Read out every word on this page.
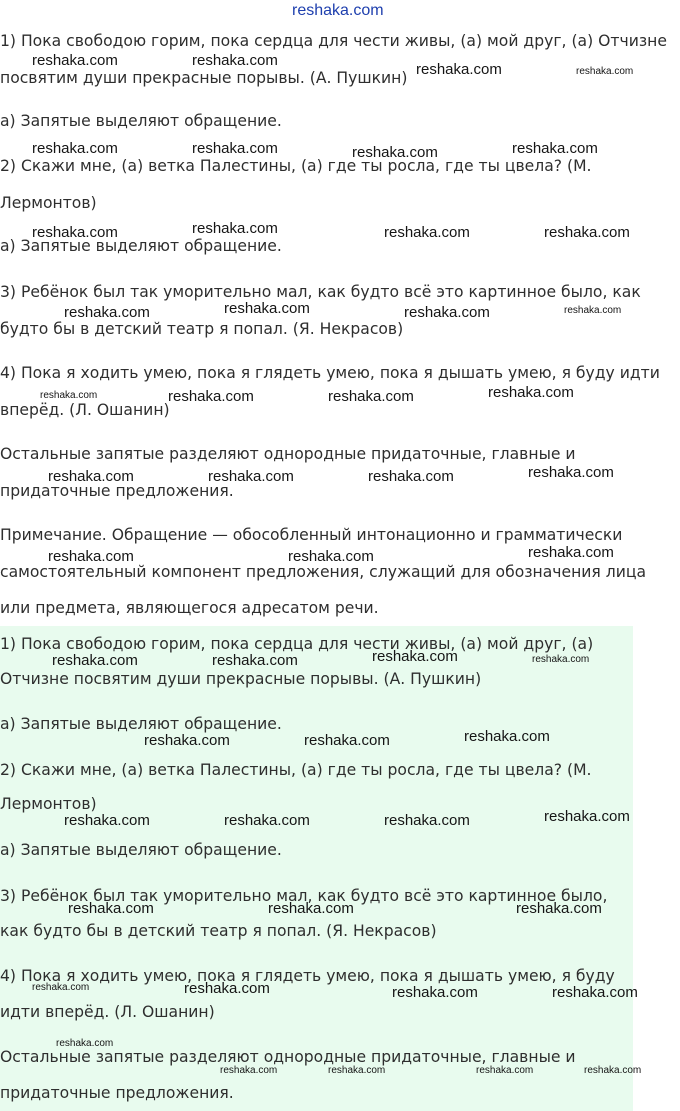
reshaka.com

1) Пока свободою горим, пока сердца для чести живы, (а) мой друг, (а) Отчизне

посвятим души прекрасные порывы. (А. Пушкин)

а) Запятые выделяют обращение.

2) Скажи мне, (а) ветка Палестины, (а) где ты росла, где ты цвела? (М.

Лермонтов)

а) Запятые выделяют обращение.

3) Ребёнок был так уморительно мал, как будто всё это картинное было, как

будто бы в детский театр я попал. (Я. Некрасов)

4) Пока я ходить умею, пока я глядеть умею, пока я дышать умею, я буду идти

вперёд. (Л. Ошанин)

Остальные запятые разделяют однородные придаточные, главные и

придаточные предложения.

Примечание. Обращение — обособленный интонационно и грамматически

самостоятельный компонент предложения, служащий для обозначения лица

или предмета, являющегося адресатом речи.

1) Пока свободою горим, пока сердца для чести живы, (а) мой друг, (а)

Отчизне посвятим души прекрасные порывы. (А. Пушкин)

а) Запятые выделяют обращение.

2) Скажи мне, (а) ветка Палестины, (а) где ты росла, где ты цвела? (М.

Лермонтов)

а) Запятые выделяют обращение.

3) Ребёнок был так уморительно мал, как будто всё это картинное было,

как будто бы в детский театр я попал. (Я. Некрасов)

4) Пока я ходить умею, пока я глядеть умею, пока я дышать умею, я буду

идти вперёд. (Л. Ошанин)

Остальные запятые разделяют однородные придаточные, главные и

придаточные предложения.

reshaka.com	reshaka.com
reshaka.com	reshaka.com
reshaka.com	reshaka.com	reshaka.com	reshaka.com
reshaka.com	reshaka.com	reshaka.com	reshaka.com
reshaka.com	reshaka.com	reshaka.com	reshaka.com
reshaka.com	reshaka.com	reshaka.com	reshaka.com
reshaka.com	reshaka.com	reshaka.com	reshaka.com
reshaka.com	reshaka.com	reshaka.com
reshaka.com	reshaka.com	reshaka.com	reshaka.com
reshaka.com	reshaka.com	reshaka.com
reshaka.com	reshaka.com	reshaka.com	reshaka.com
reshaka.com	reshaka.com	reshaka.com
reshaka.com	reshaka.com	reshaka.com	reshaka.com
reshaka.com
reshaka.com	reshaka.com	reshaka.com	reshaka.com
